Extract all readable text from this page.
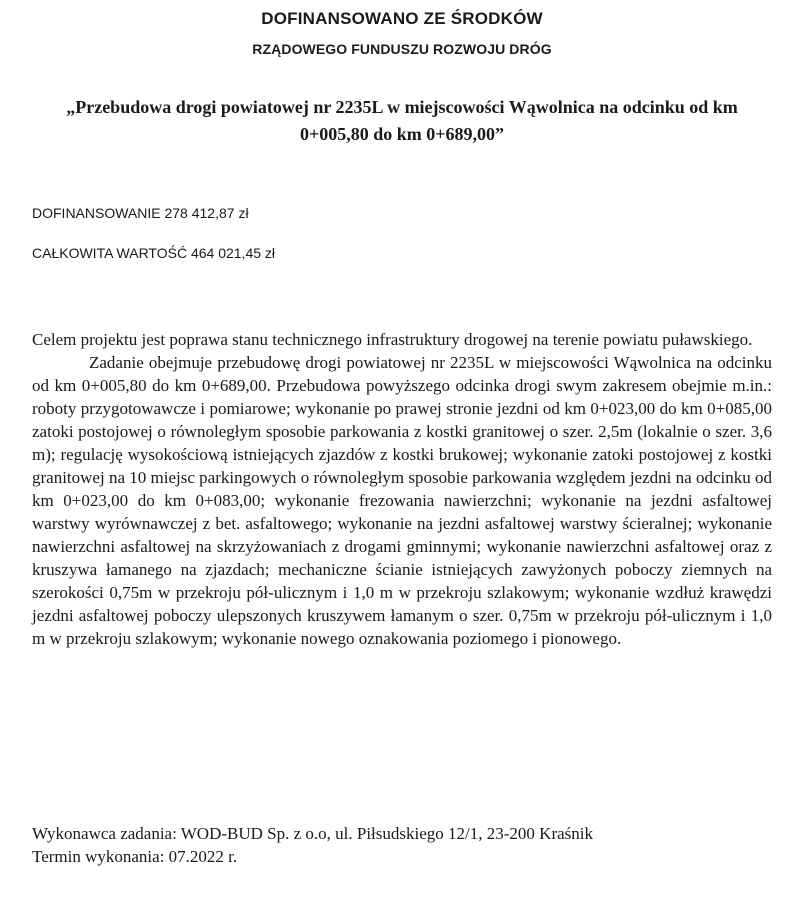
DOFINANSOWANO ZE ŚRODKÓW
RZĄDOWEGO FUNDUSZU ROZWOJU DRÓG
„Przebudowa drogi powiatowej nr 2235L w miejscowości Wąwolnica na odcinku od km 0+005,80 do km 0+689,00”
DOFINANSOWANIE 278 412,87 zł
CAŁKOWITA WARTOŚĆ 464 021,45 zł

Celem projektu jest poprawa stanu technicznego infrastruktury drogowej na terenie powiatu puławskiego.

Zadanie obejmuje przebudowę drogi powiatowej nr 2235L w miejscowości Wąwolnica na odcinku od km 0+005,80 do km 0+689,00. Przebudowa powyższego odcinka drogi swym zakresem obejmie m.in.: roboty przygotowawcze i pomiarowe; wykonanie po prawej stronie jezdni od km 0+023,00 do km 0+085,00 zatoki postojowej o równoległym sposobie parkowania z kostki granitowej o szer. 2,5m (lokalnie o szer. 3,6 m); regulację wysokościową istniejących zjazdów z kostki brukowej; wykonanie zatoki postojowej z kostki granitowej na 10 miejsc parkingowych o równoległym sposobie parkowania względem jezdni na odcinku od km 0+023,00 do km 0+083,00; wykonanie frezowania nawierzchni; wykonanie na jezdni asfaltowej warstwy wyrównawczej z bet. asfaltowego; wykonanie na jezdni asfaltowej warstwy ścieralnej; wykonanie nawierzchni asfaltowej na skrzyżowaniach z drogami gminnymi; wykonanie nawierzchni asfaltowej oraz z kruszywa łamanego na zjazdach; mechaniczne ścianie istniejących zawyżonych poboczy ziemnych na szerokości 0,75m w przekroju pół-ulicznym i 1,0 m w przekroju szlakowym; wykonanie wzdłuż krawędzi jezdni asfaltowej poboczy ulepszonych kruszywem łamanym o szer. 0,75m w przekroju pół-ulicznym i 1,0 m w przekroju szlakowym; wykonanie nowego oznakowania poziomego i pionowego.

Wykonawca zadania: WOD-BUD Sp. z o.o, ul. Piłsudskiego 12/1, 23-200 Kraśnik
Termin wykonania: 07.2022 r.
